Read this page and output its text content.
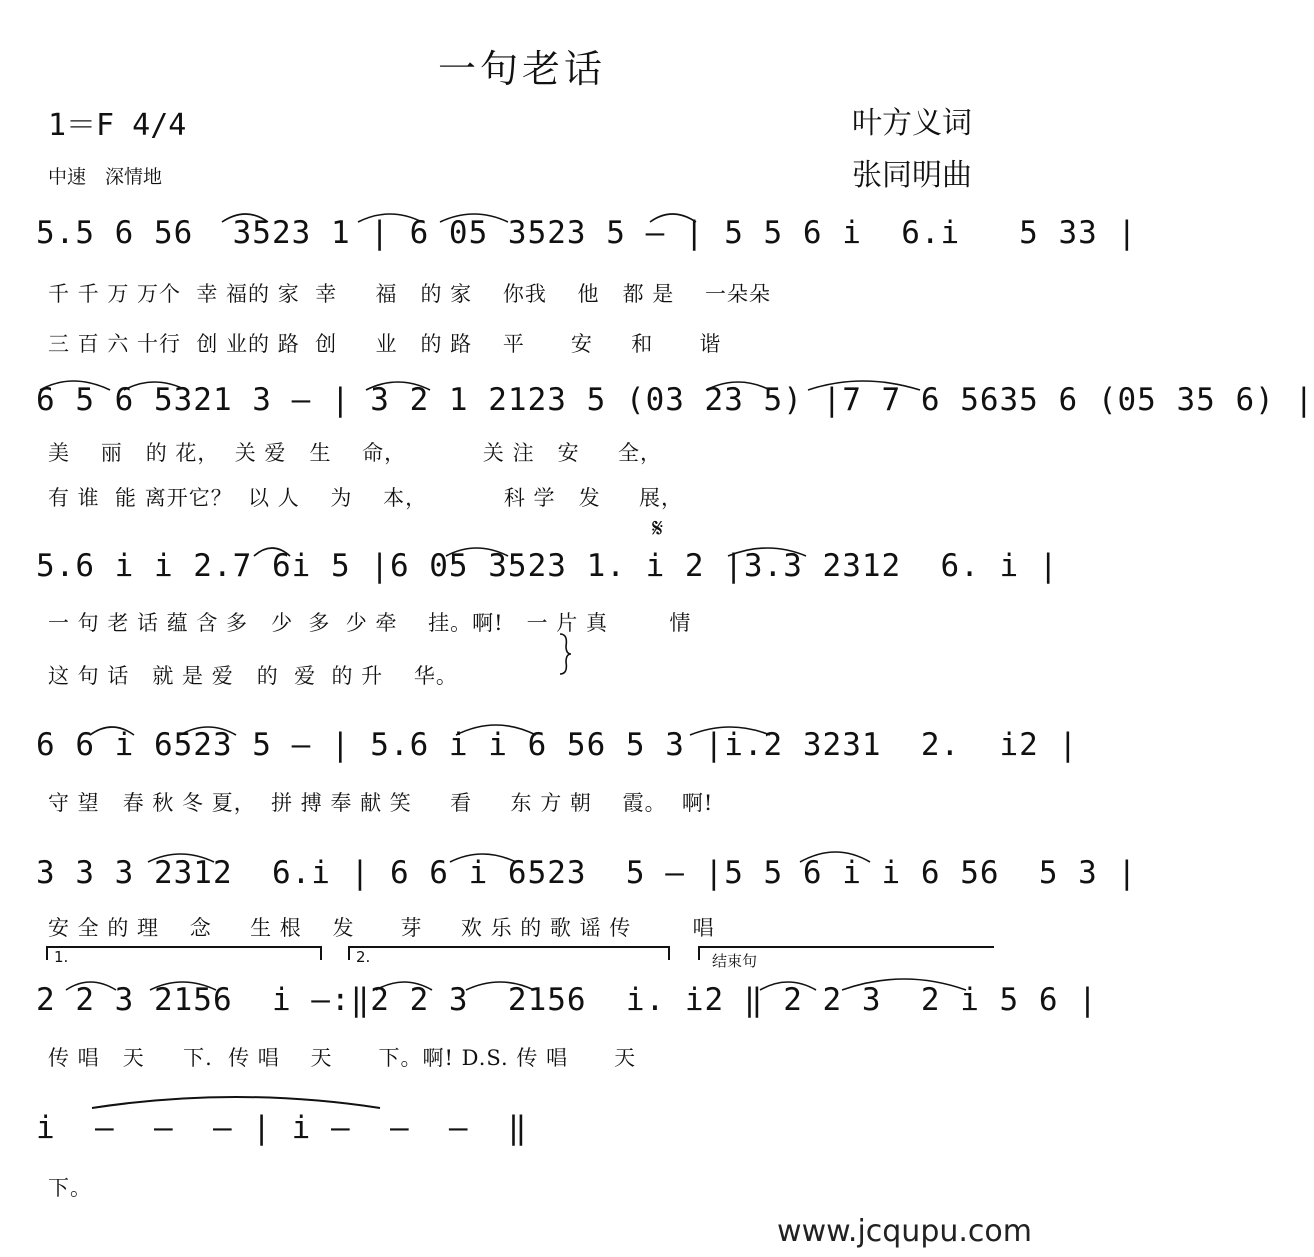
一句老话
1＝F 4/4
中速　深情地
叶方义词
张同明曲
5.5 6 56  3523 1 | 6 05 3523 5 – | 5 5 6 i  6.i   5 33 |
千 千 万 万个  幸 福的 家  幸     福   的 家    你我    他   都 是    一朵朵
三 百 六 十行  创 业的 路  创     业   的 路    平      安     和      谐
6 5 6 5321 3 – | 3 2 1 2123 5 (03 23 5) |7 7 6 5635 6 (05 35 6) |
美    丽   的 花，  关 爱   生    命，          关 注   安     全，
有 谁  能 离开它？  以 人    为    本，          科 学   发     展，
𝄋
5.6 i i 2.7 6i 5 |6 05 3523 1. i 2 |3.3 2312  6. i |
一 句 老 话 蕴 含 多   少  多  少 牵    挂。啊!   一 片 真        情
这 句 话   就 是 爱   的  爱  的 升    华。
6 6 i 6523 5 – | 5.6 i i 6 56 5 3 |i.2 3231  2.  i2 |
守 望   春 秋 冬 夏，  拼 搏 奉 献 笑     看     东 方 朝    霞。  啊!
3 3 3 2312  6.i | 6 6 i 6523  5 – |5 5 6 i i 6 56  5 3 |
安 全 的 理    念     生 根    发      芽     欢 乐 的 歌 谣 传        唱
1.	2.	结束句
2 2 3 2156  i –:‖2 2 3  2156  i. i2 ‖ 2 2 3  2 i 5 6 |
传 唱   天     下.  传 唱    天      下。啊! D.S. 传 唱      天
i  –  –  – | i –  –  –  ‖
下。
www.jcqupu.com
